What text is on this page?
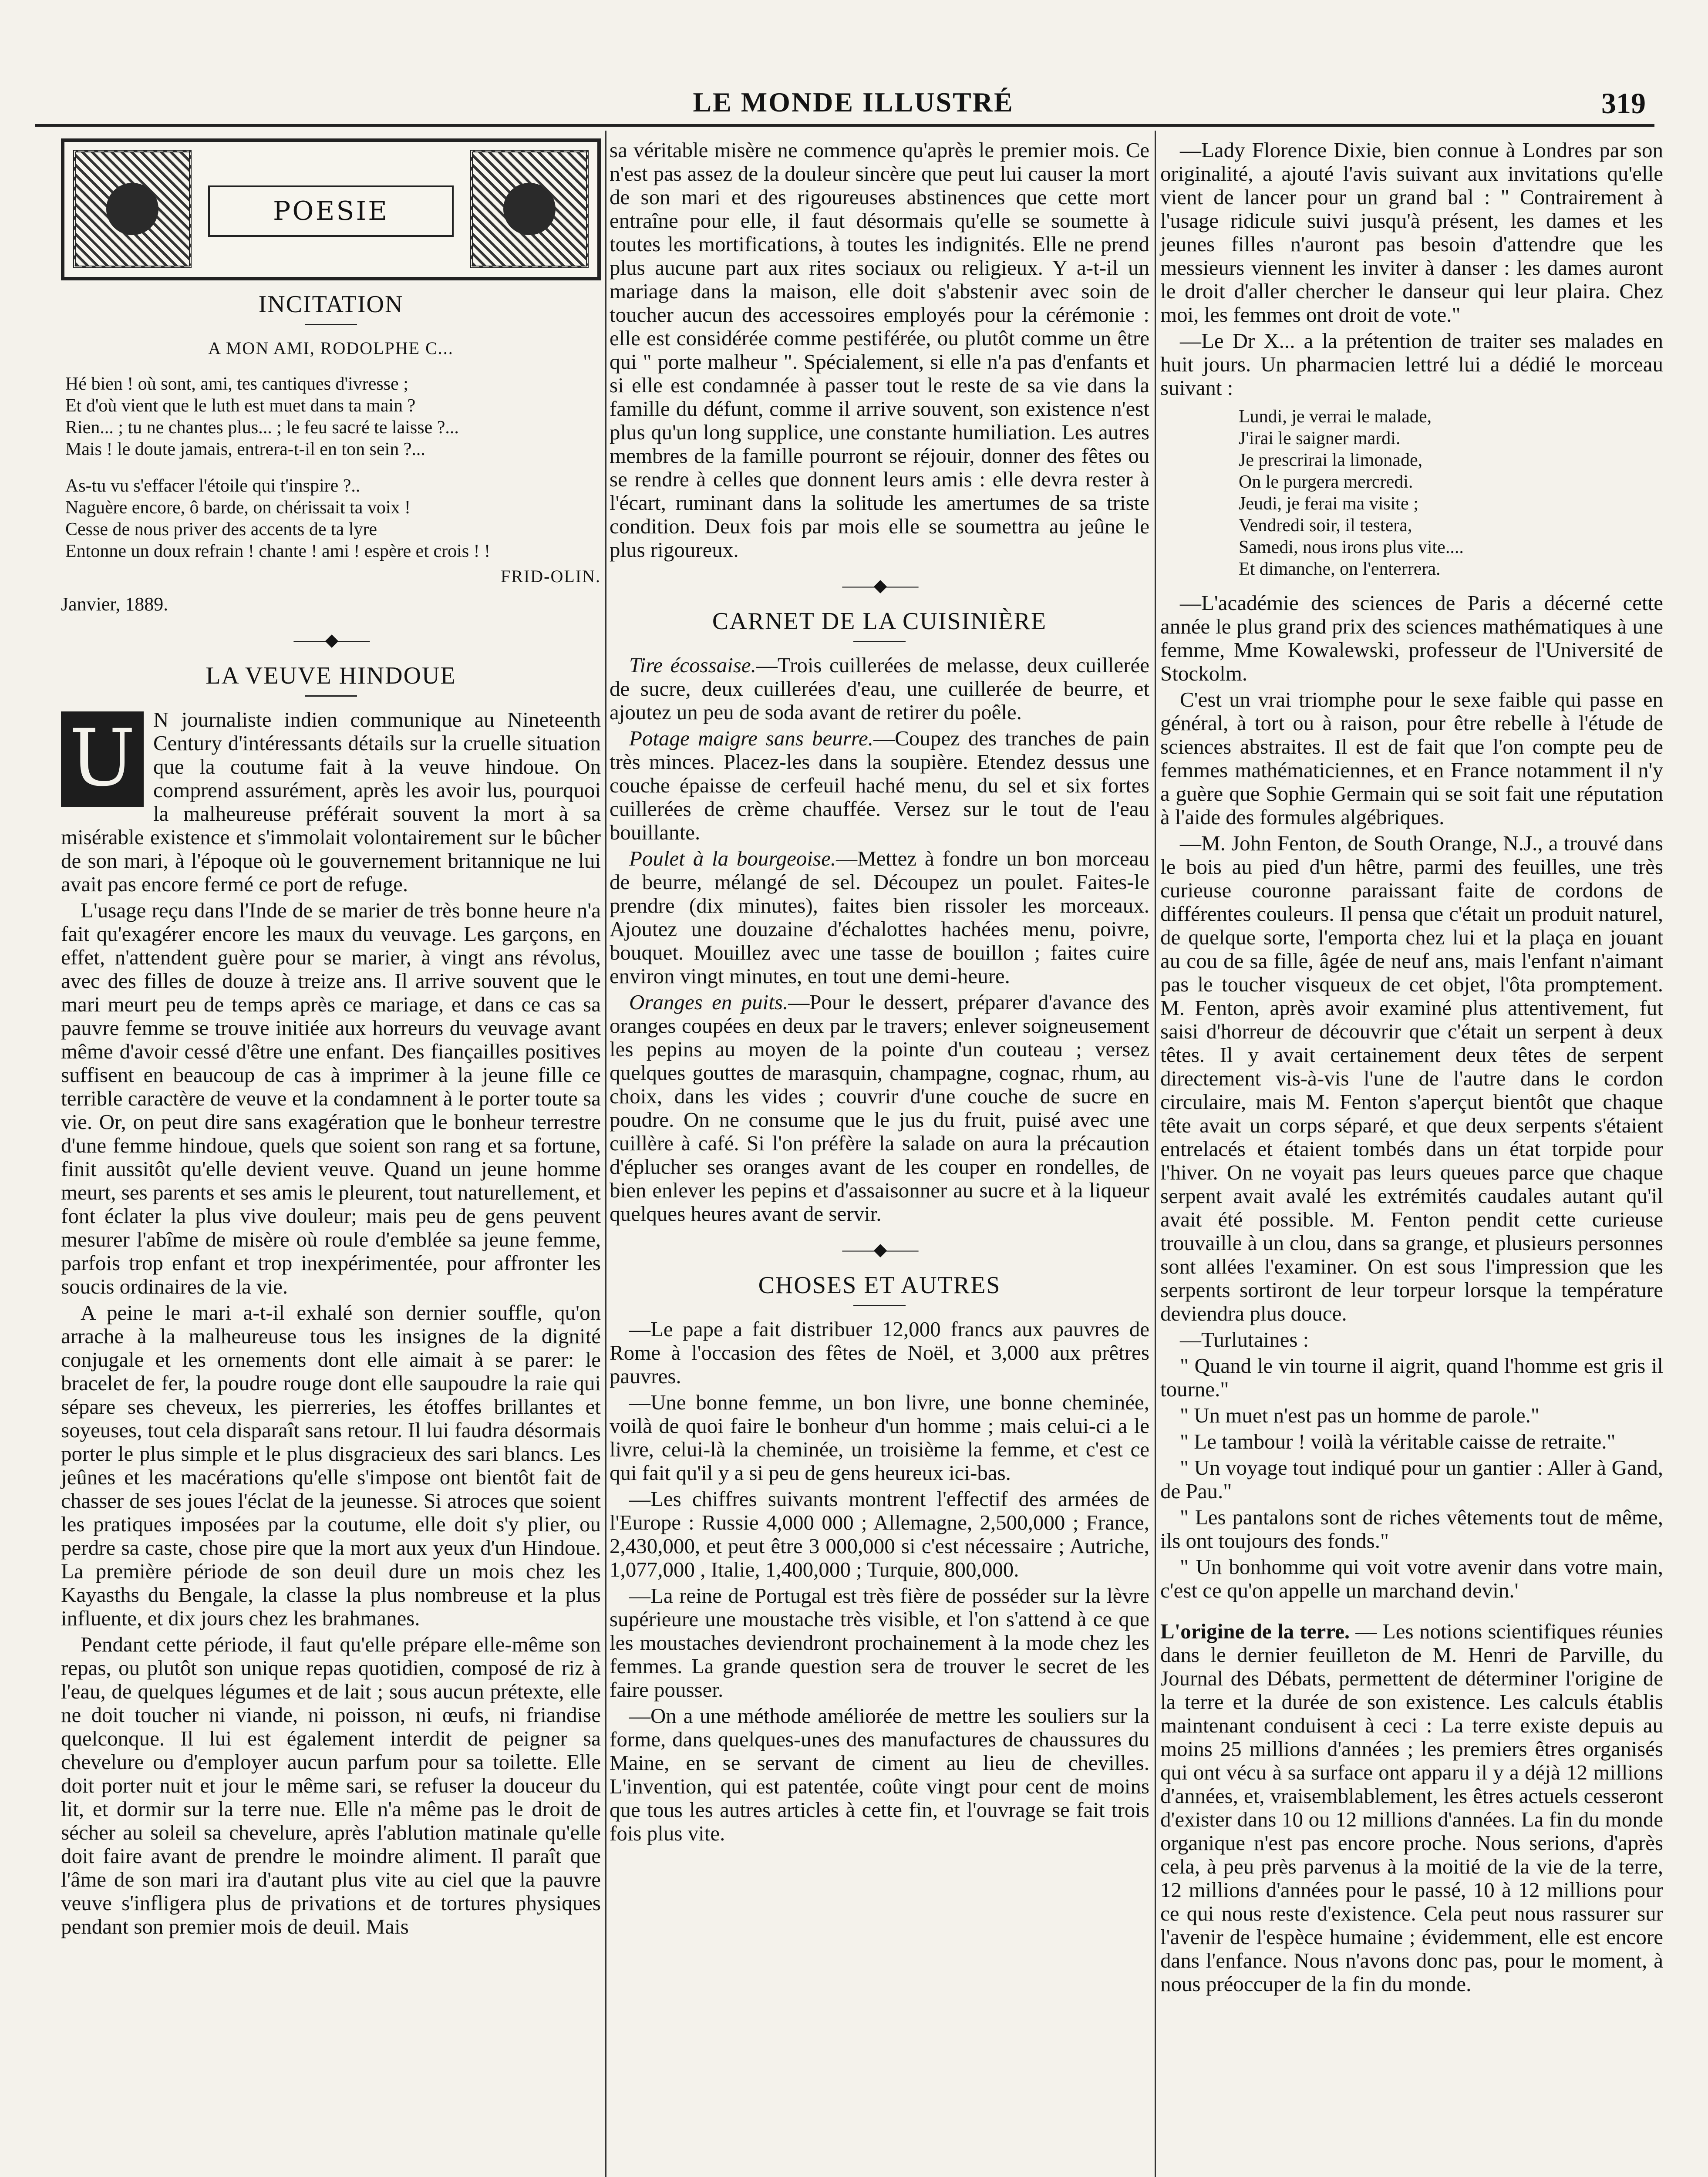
LE MONDE ILLUSTRÉ	319
POESIE
INCITATION
A MON AMI, RODOLPHE C...
Hé bien ! où sont, ami, tes cantiques d'ivresse ;
Et d'où vient que le luth est muet dans ta main ?
Rien... ; tu ne chantes plus... ; le feu sacré te laisse ?...
Mais ! le doute jamais, entrera-t-il en ton sein ?...
As-tu vu s'effacer l'étoile qui t'inspire ?..
Naguère encore, ô barde, on chérissait ta voix !
Cesse de nous priver des accents de ta lyre
Entonne un doux refrain ! chante ! ami ! espère et crois ! !
FRID-OLIN.
Janvier, 1889.
——◆——
LA VEUVE HINDOUE

U N journaliste indien communique au Nineteenth Century d'intéressants détails sur la cruelle situation que la coutume fait à la veuve hindoue. On comprend assurément, après les avoir lus, pourquoi la malheureuse préférait souvent la mort à sa misérable existence et s'immolait volontairement sur le bûcher de son mari, à l'époque où le gouvernement britannique ne lui avait pas encore fermé ce port de refuge.

L'usage reçu dans l'Inde de se marier de très bonne heure n'a fait qu'exagérer encore les maux du veuvage. Les garçons, en effet, n'attendent guère pour se marier, à vingt ans révolus, avec des filles de douze à treize ans. Il arrive souvent que le mari meurt peu de temps après ce mariage, et dans ce cas sa pauvre femme se trouve initiée aux horreurs du veuvage avant même d'avoir cessé d'être une enfant. Des fiançailles positives suffisent en beaucoup de cas à imprimer à la jeune fille ce terrible caractère de veuve et la condamnent à le porter toute sa vie. Or, on peut dire sans exagération que le bonheur terrestre d'une femme hindoue, quels que soient son rang et sa fortune, finit aussitôt qu'elle devient veuve. Quand un jeune homme meurt, ses parents et ses amis le pleurent, tout naturellement, et font éclater la plus vive douleur; mais peu de gens peuvent mesurer l'abîme de misère où roule d'emblée sa jeune femme, parfois trop enfant et trop inexpérimentée, pour affronter les soucis ordinaires de la vie.

A peine le mari a-t-il exhalé son dernier souffle, qu'on arrache à la malheureuse tous les insignes de la dignité conjugale et les ornements dont elle aimait à se parer: le bracelet de fer, la poudre rouge dont elle saupoudre la raie qui sépare ses cheveux, les pierreries, les étoffes brillantes et soyeuses, tout cela disparaît sans retour. Il lui faudra désormais porter le plus simple et le plus disgracieux des sari blancs. Les jeûnes et les macérations qu'elle s'impose ont bientôt fait de chasser de ses joues l'éclat de la jeunesse. Si atroces que soient les pratiques imposées par la coutume, elle doit s'y plier, ou perdre sa caste, chose pire que la mort aux yeux d'un Hindoue. La première période de son deuil dure un mois chez les Kayasths du Bengale, la classe la plus nombreuse et la plus influente, et dix jours chez les brahmanes.

Pendant cette période, il faut qu'elle prépare elle-même son repas, ou plutôt son unique repas quotidien, composé de riz à l'eau, de quelques légumes et de lait ; sous aucun prétexte, elle ne doit toucher ni viande, ni poisson, ni œufs, ni friandise quelconque. Il lui est également interdit de peigner sa chevelure ou d'employer aucun parfum pour sa toilette. Elle doit porter nuit et jour le même sari, se refuser la douceur du lit, et dormir sur la terre nue. Elle n'a même pas le droit de sécher au soleil sa chevelure, après l'ablution matinale qu'elle doit faire avant de prendre le moindre aliment. Il paraît que l'âme de son mari ira d'autant plus vite au ciel que la pauvre veuve s'infligera plus de privations et de tortures physiques pendant son premier mois de deuil. Mais

sa véritable misère ne commence qu'après le premier mois. Ce n'est pas assez de la douleur sincère que peut lui causer la mort de son mari et des rigoureuses abstinences que cette mort entraîne pour elle, il faut désormais qu'elle se soumette à toutes les mortifications, à toutes les indignités. Elle ne prend plus aucune part aux rites sociaux ou religieux. Y a-t-il un mariage dans la maison, elle doit s'abstenir avec soin de toucher aucun des accessoires employés pour la cérémonie : elle est considérée comme pestiférée, ou plutôt comme un être qui " porte malheur ". Spécialement, si elle n'a pas d'enfants et si elle est condamnée à passer tout le reste de sa vie dans la famille du défunt, comme il arrive souvent, son existence n'est plus qu'un long supplice, une constante humiliation. Les autres membres de la famille pourront se réjouir, donner des fêtes ou se rendre à celles que donnent leurs amis : elle devra rester à l'écart, ruminant dans la solitude les amertumes de sa triste condition. Deux fois par mois elle se soumettra au jeûne le plus rigoureux.

——◆——
CARNET DE LA CUISINIÈRE

Tire écossaise.—Trois cuillerées de melasse, deux cuillerée de sucre, deux cuillerées d'eau, une cuillerée de beurre, et ajoutez un peu de soda avant de retirer du poêle.

Potage maigre sans beurre.—Coupez des tranches de pain très minces. Placez-les dans la soupière. Etendez dessus une couche épaisse de cerfeuil haché menu, du sel et six fortes cuillerées de crème chauffée. Versez sur le tout de l'eau bouillante.

Poulet à la bourgeoise.—Mettez à fondre un bon morceau de beurre, mélangé de sel. Découpez un poulet. Faites-le prendre (dix minutes), faites bien rissoler les morceaux. Ajoutez une douzaine d'échalottes hachées menu, poivre, bouquet. Mouillez avec une tasse de bouillon ; faites cuire environ vingt minutes, en tout une demi-heure.

Oranges en puits.—Pour le dessert, préparer d'avance des oranges coupées en deux par le travers; enlever soigneusement les pepins au moyen de la pointe d'un couteau ; versez quelques gouttes de marasquin, champagne, cognac, rhum, au choix, dans les vides ; couvrir d'une couche de sucre en poudre. On ne consume que le jus du fruit, puisé avec une cuillère à café. Si l'on préfère la salade on aura la précaution d'éplucher ses oranges avant de les couper en rondelles, de bien enlever les pepins et d'assaisonner au sucre et à la liqueur quelques heures avant de servir.

——◆——
CHOSES ET AUTRES

—Le pape a fait distribuer 12,000 francs aux pauvres de Rome à l'occasion des fêtes de Noël, et 3,000 aux prêtres pauvres.

—Une bonne femme, un bon livre, une bonne cheminée, voilà de quoi faire le bonheur d'un homme ; mais celui-ci a le livre, celui-là la cheminée, un troisième la femme, et c'est ce qui fait qu'il y a si peu de gens heureux ici-bas.

—Les chiffres suivants montrent l'effectif des armées de l'Europe : Russie 4,000 000 ; Allemagne, 2,500,000 ; France, 2,430,000, et peut être 3 000,000 si c'est nécessaire ; Autriche, 1,077,000 , Italie, 1,400,000 ; Turquie, 800,000.

—La reine de Portugal est très fière de posséder sur la lèvre supérieure une moustache très visible, et l'on s'attend à ce que les moustaches deviendront prochainement à la mode chez les femmes. La grande question sera de trouver le secret de les faire pousser.

—On a une méthode améliorée de mettre les souliers sur la forme, dans quelques-unes des manufactures de chaussures du Maine, en se servant de ciment au lieu de chevilles. L'invention, qui est patentée, coûte vingt pour cent de moins que tous les autres articles à cette fin, et l'ouvrage se fait trois fois plus vite.

—Lady Florence Dixie, bien connue à Londres par son originalité, a ajouté l'avis suivant aux invitations qu'elle vient de lancer pour un grand bal : " Contrairement à l'usage ridicule suivi jusqu'à présent, les dames et les jeunes filles n'auront pas besoin d'attendre que les messieurs viennent les inviter à danser : les dames auront le droit d'aller chercher le danseur qui leur plaira. Chez moi, les femmes ont droit de vote."

—Le Dr X... a la prétention de traiter ses malades en huit jours. Un pharmacien lettré lui a dédié le morceau suivant :

Lundi, je verrai le malade,
J'irai le saigner mardi.
Je prescrirai la limonade,
On le purgera mercredi.
Jeudi, je ferai ma visite ;
Vendredi soir, il testera,
Samedi, nous irons plus vite....
Et dimanche, on l'enterrera.

—L'académie des sciences de Paris a décerné cette année le plus grand prix des sciences mathématiques à une femme, Mme Kowalewski, professeur de l'Université de Stockolm.

C'est un vrai triomphe pour le sexe faible qui passe en général, à tort ou à raison, pour être rebelle à l'étude de sciences abstraites. Il est de fait que l'on compte peu de femmes mathématiciennes, et en France notamment il n'y a guère que Sophie Germain qui se soit fait une réputation à l'aide des formules algébriques.

—M. John Fenton, de South Orange, N.J., a trouvé dans le bois au pied d'un hêtre, parmi des feuilles, une très curieuse couronne paraissant faite de cordons de différentes couleurs. Il pensa que c'était un produit naturel, de quelque sorte, l'emporta chez lui et la plaça en jouant au cou de sa fille, âgée de neuf ans, mais l'enfant n'aimant pas le toucher visqueux de cet objet, l'ôta promptement. M. Fenton, après avoir examiné plus attentivement, fut saisi d'horreur de découvrir que c'était un serpent à deux têtes. Il y avait certainement deux têtes de serpent directement vis-à-vis l'une de l'autre dans le cordon circulaire, mais M. Fenton s'aperçut bientôt que chaque tête avait un corps séparé, et que deux serpents s'étaient entrelacés et étaient tombés dans un état torpide pour l'hiver. On ne voyait pas leurs queues parce que chaque serpent avait avalé les extrémités caudales autant qu'il avait été possible. M. Fenton pendit cette curieuse trouvaille à un clou, dans sa grange, et plusieurs personnes sont allées l'examiner. On est sous l'impression que les serpents sortiront de leur torpeur lorsque la température deviendra plus douce.

—Turlutaines :

" Quand le vin tourne il aigrit, quand l'homme est gris il tourne."

" Un muet n'est pas un homme de parole."

" Le tambour ! voilà la véritable caisse de retraite."

" Un voyage tout indiqué pour un gantier : Aller à Gand, de Pau."

" Les pantalons sont de riches vêtements tout de même, ils ont toujours des fonds."

" Un bonhomme qui voit votre avenir dans votre main, c'est ce qu'on appelle un marchand devin.'

L'origine de la terre. — Les notions scientifiques réunies dans le dernier feuilleton de M. Henri de Parville, du Journal des Débats, permettent de déterminer l'origine de la terre et la durée de son existence. Les calculs établis maintenant conduisent à ceci : La terre existe depuis au moins 25 millions d'années ; les premiers êtres organisés qui ont vécu à sa surface ont apparu il y a déjà 12 millions d'années, et, vraisemblablement, les êtres actuels cesseront d'exister dans 10 ou 12 millions d'années. La fin du monde organique n'est pas encore proche. Nous serions, d'après cela, à peu près parvenus à la moitié de la vie de la terre, 12 millions d'années pour le passé, 10 à 12 millions pour ce qui nous reste d'existence. Cela peut nous rassurer sur l'avenir de l'espèce humaine ; évidemment, elle est encore dans l'enfance. Nous n'avons donc pas, pour le moment, à nous préoccuper de la fin du monde.
